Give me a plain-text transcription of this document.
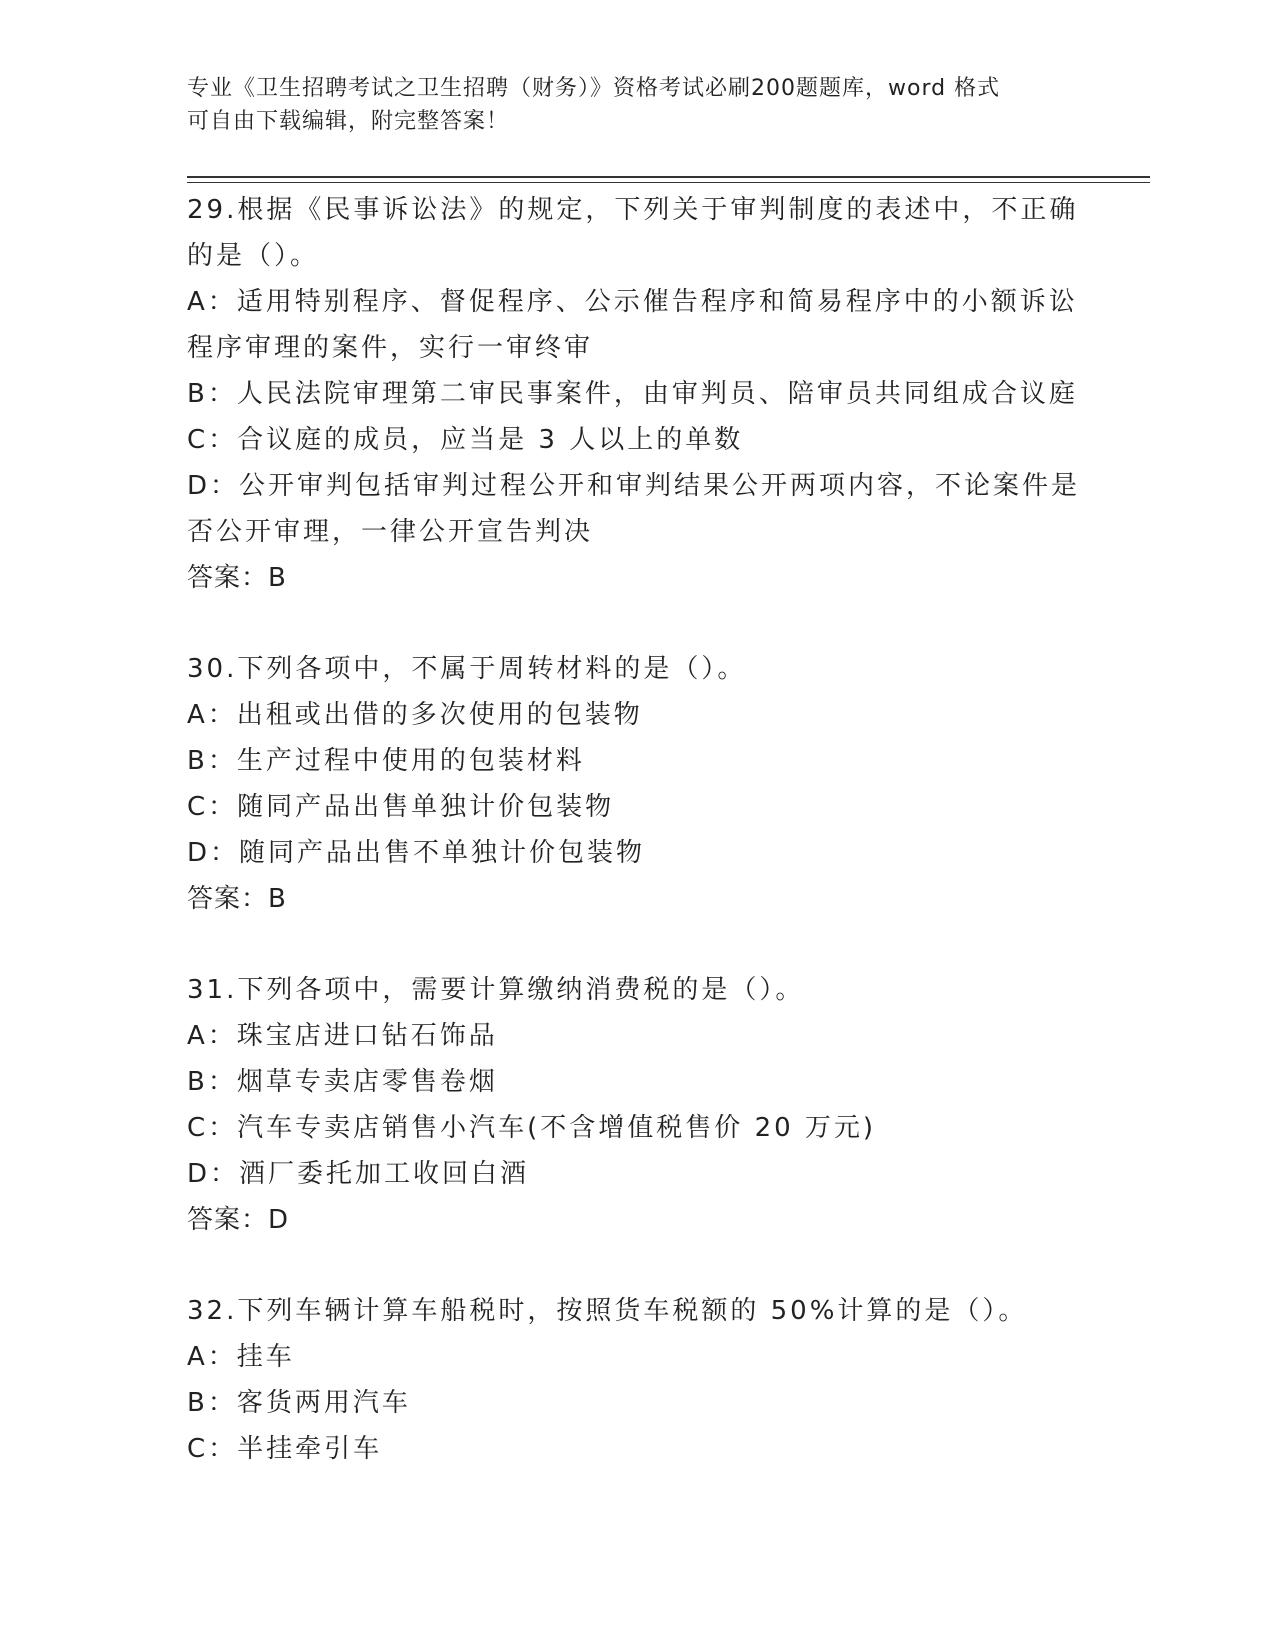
专业《卫生招聘考试之卫生招聘（财务）》资格考试必刷200题题库，word 格式
可自由下载编辑，附完整答案！
29.根据《民事诉讼法》的规定，下列关于审判制度的表述中，不正确
的是（）。
A：适用特别程序、督促程序、公示催告程序和简易程序中的小额诉讼
程序审理的案件，实行一审终审
B：人民法院审理第二审民事案件，由审判员、陪审员共同组成合议庭
C：合议庭的成员，应当是 3 人以上的单数
D：公开审判包括审判过程公开和审判结果公开两项内容，不论案件是
否公开审理，一律公开宣告判决
答案：B
30.下列各项中，不属于周转材料的是（）。
A：出租或出借的多次使用的包装物
B：生产过程中使用的包装材料
C：随同产品出售单独计价包装物
D：随同产品出售不单独计价包装物
答案：B
31.下列各项中，需要计算缴纳消费税的是（）。
A：珠宝店进口钻石饰品
B：烟草专卖店零售卷烟
C：汽车专卖店销售小汽车(不含增值税售价 20 万元)
D：酒厂委托加工收回白酒
答案：D
32.下列车辆计算车船税时，按照货车税额的 50%计算的是（）。
A：挂车
B：客货两用汽车
C：半挂牵引车
